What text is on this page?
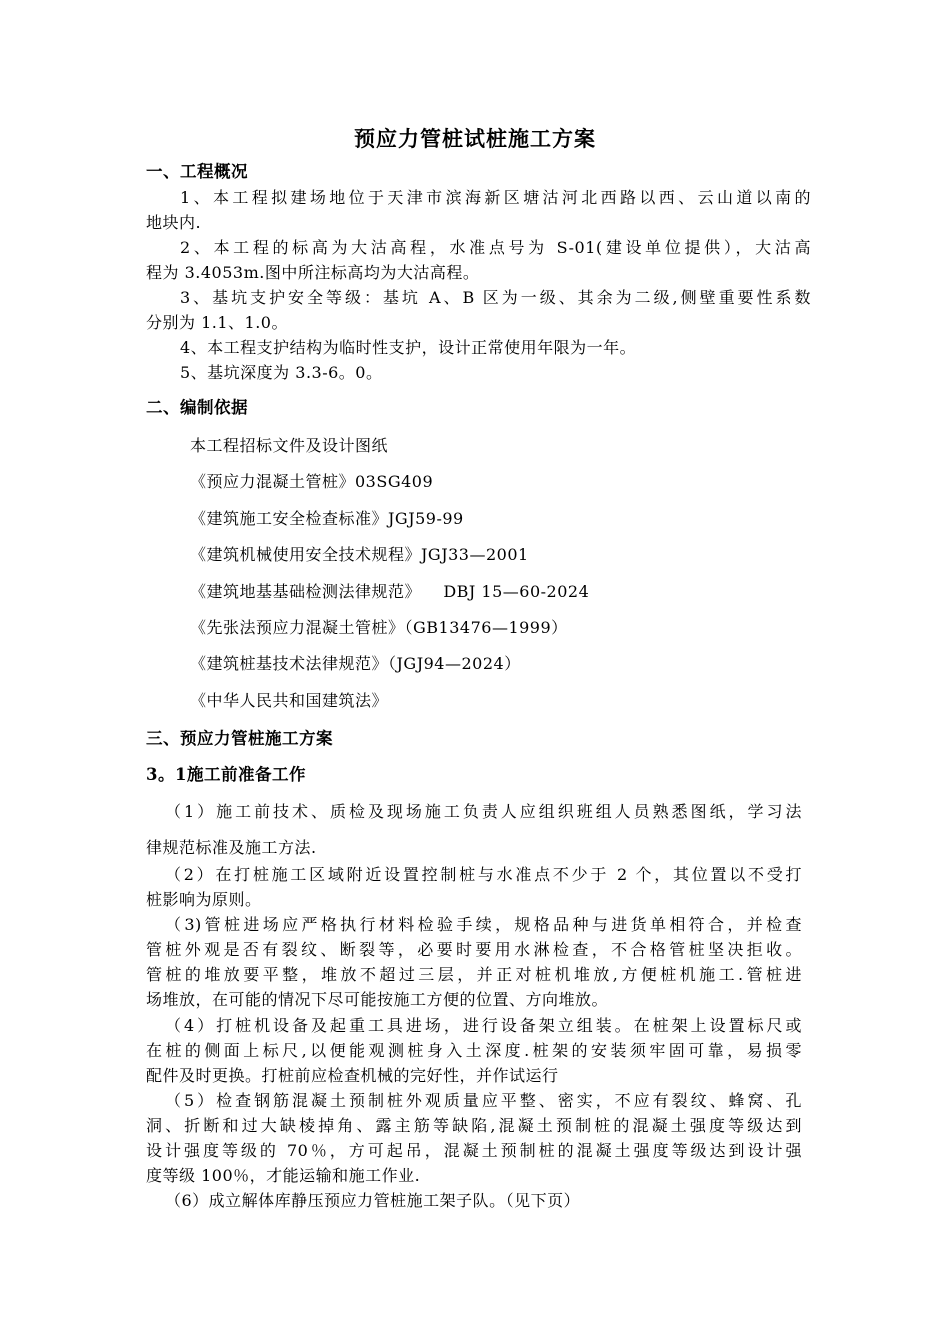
预应力管桩试桩施工方案
一、工程概况
1、本工程拟建场地位于天津市滨海新区塘沽河北西路以西、云山道以南的
地块内.
2、本工程的标高为大沽高程，水准点号为 S-01(建设单位提供），大沽高
程为 3.4053m.图中所注标高均为大沽高程。
3、基坑支护安全等级：基坑 A、B 区为一级、其余为二级,侧壁重要性系数
分别为 1.1、1.0。
4、本工程支护结构为临时性支护，设计正常使用年限为一年。
5、基坑深度为 3.3-6。0。
二、编制依据
本工程招标文件及设计图纸
《预应力混凝土管桩》03SG409
《建筑施工安全检查标准》JGJ59-99
《建筑机械使用安全技术规程》JGJ33—2001
《建筑地基基础检测法律规范》    DBJ 15—60-2024
《先张法预应力混凝土管桩》（GB13476—1999）
《建筑桩基技术法律规范》（JGJ94—2024）
《中华人民共和国建筑法》
三、预应力管桩施工方案
3。1施工前准备工作
（1）施工前技术、质检及现场施工负责人应组织班组人员熟悉图纸，学习法
律规范标准及施工方法.
（2）在打桩施工区域附近设置控制桩与水准点不少于 2 个，其位置以不受打
桩影响为原则。
（3)管桩进场应严格执行材料检验手续，规格品种与进货单相符合，并检查
管桩外观是否有裂纹、断裂等，必要时要用水淋检查，不合格管桩坚决拒收。
管桩的堆放要平整，堆放不超过三层，并正对桩机堆放,方便桩机施工.管桩进
场堆放，在可能的情况下尽可能按施工方便的位置、方向堆放。
（4）打桩机设备及起重工具进场，进行设备架立组装。在桩架上设置标尺或
在桩的侧面上标尺,以便能观测桩身入土深度.桩架的安装须牢固可靠，易损零
配件及时更换。打桩前应检查机械的完好性，并作试运行
（5）检查钢筋混凝土预制桩外观质量应平整、密实，不应有裂纹、蜂窝、孔
洞、折断和过大缺棱掉角、露主筋等缺陷,混凝土预制桩的混凝土强度等级达到
设计强度等级的 70％，方可起吊，混凝土预制桩的混凝土强度等级达到设计强
度等级 100％，才能运输和施工作业.
（6）成立解体库静压预应力管桩施工架子队。（见下页）
